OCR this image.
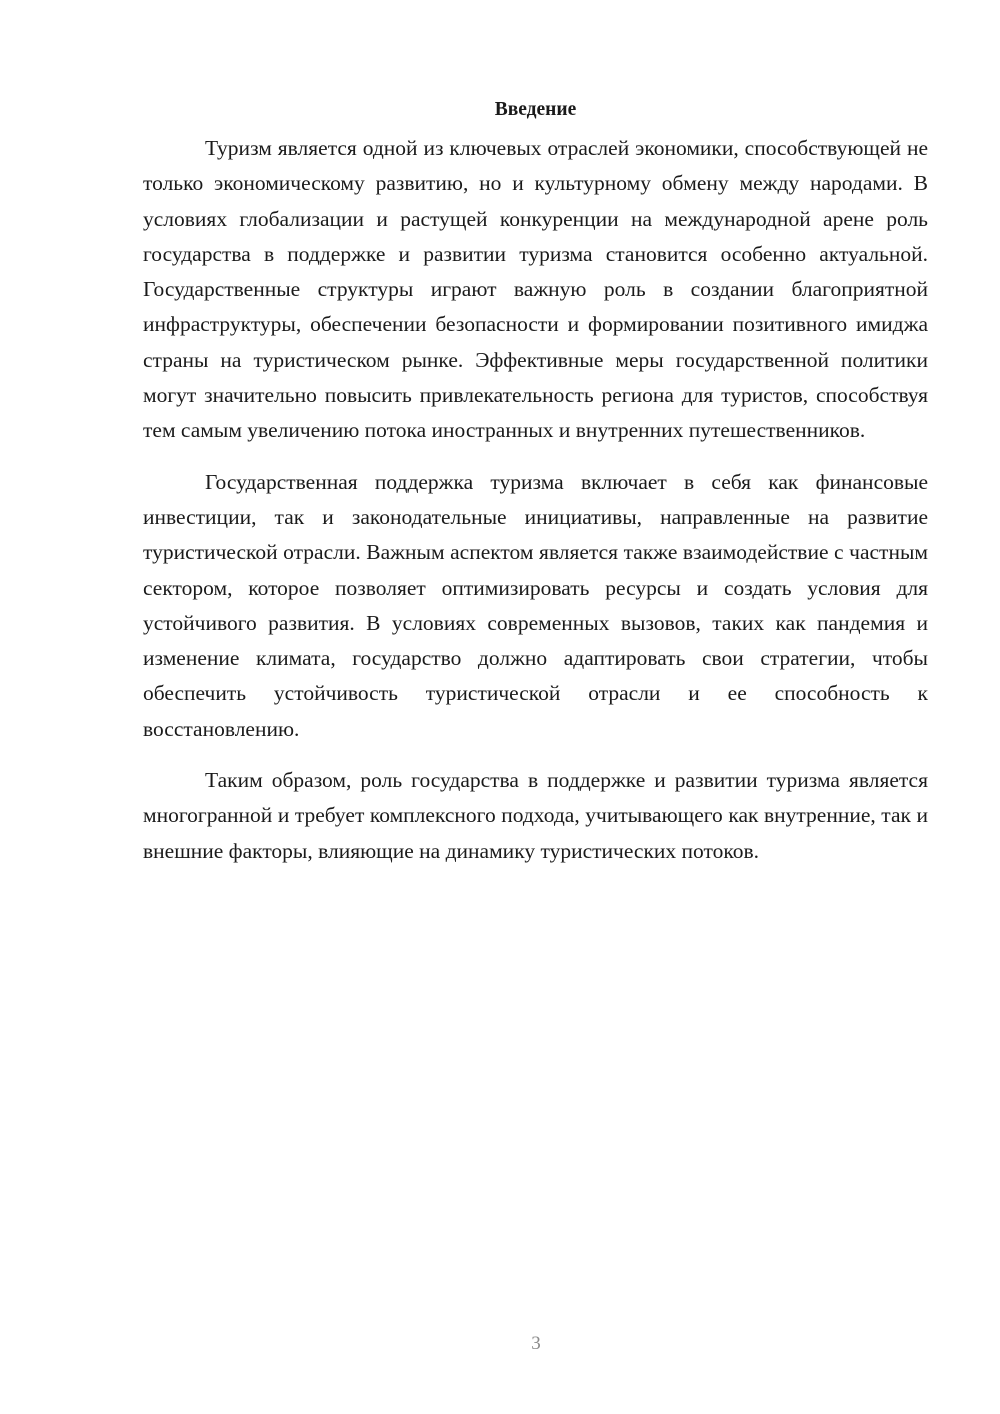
Введение

Туризм является одной из ключевых отраслей экономики, способствующей не только экономическому развитию, но и культурному обмену между народами. В условиях глобализации и растущей конкуренции на международной арене роль государства в поддержке и развитии туризма становится особенно актуальной. Государственные структуры играют важную роль в создании благоприятной инфраструктуры, обеспечении безопасности и формировании позитивного имиджа страны на туристическом рынке. Эффективные меры государственной политики могут значительно повысить привлекательность региона для туристов, способствуя тем самым увеличению потока иностранных и внутренних путешественников.

Государственная поддержка туризма включает в себя как финансовые инвестиции, так и законодательные инициативы, направленные на развитие туристической отрасли. Важным аспектом является также взаимодействие с частным сектором, которое позволяет оптимизировать ресурсы и создать условия для устойчивого развития. В условиях современных вызовов, таких как пандемия и изменение климата, государство должно адаптировать свои стратегии, чтобы обеспечить устойчивость туристической отрасли и ее способность к восстановлению.

Таким образом, роль государства в поддержке и развитии туризма является многогранной и требует комплексного подхода, учитывающего как внутренние, так и внешние факторы, влияющие на динамику туристических потоков.

3
